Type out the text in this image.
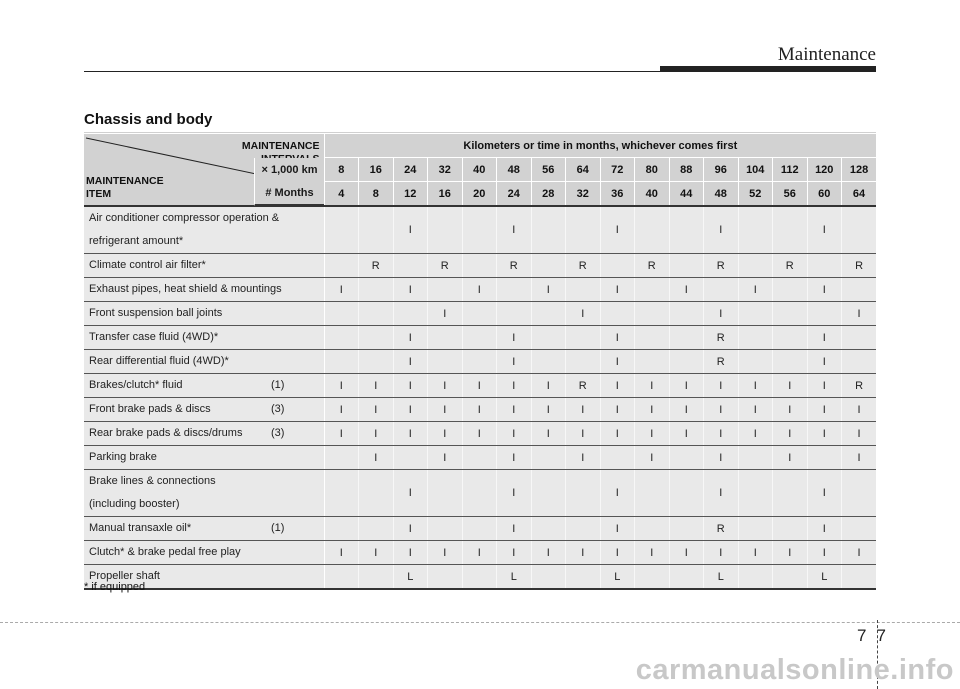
Maintenance
Chassis and body
MAINTENANCE
MAINTENANCE
ITEM	Kilometers or time in months, whichever comes first															
	8	16	24	32	40	48	56	64	72	80	88	96	104	112	120	128
	4	8	12	16	20	24	28	32	36	40	44	48	52	56	60	64

Air conditioner compressor operation &
refrigerant amount*			I			I			I			I			I	

Climate control air filter*		R		R		R		R		R		R		R		R

Exhaust pipes, heat shield & mountings	I		I		I		I		I		I		I		I	

Front suspension ball joints				I				I				I				I

Transfer case fluid (4WD)*			I			I			I			R			I	

Rear differential fluid (4WD)*			I			I			I			R			I	

Brakes/clutch* fluid (1)	I	I	I	I	I	I	I	R	I	I	I	I	I	I	I	R

Front brake pads & discs (3)	I	I	I	I	I	I	I	I	I	I	I	I	I	I	I	I

Rear brake pads & discs/drums (3)	I	I	I	I	I	I	I	I	I	I	I	I	I	I	I	I

Parking brake		I		I		I		I		I		I		I		I

Brake lines & connections
(including booster)			I			I			I			I			I	

Manual transaxle oil* (1)			I			I			I			R			I	

Clutch* & brake pedal free play	I	I	I	I	I	I	I	I	I	I	I	I	I	I	I	I

Propeller shaft			L			L			L			L			L	
* if equipped
7 7
carmanualsonline.info
× 1,000 km
# Months
